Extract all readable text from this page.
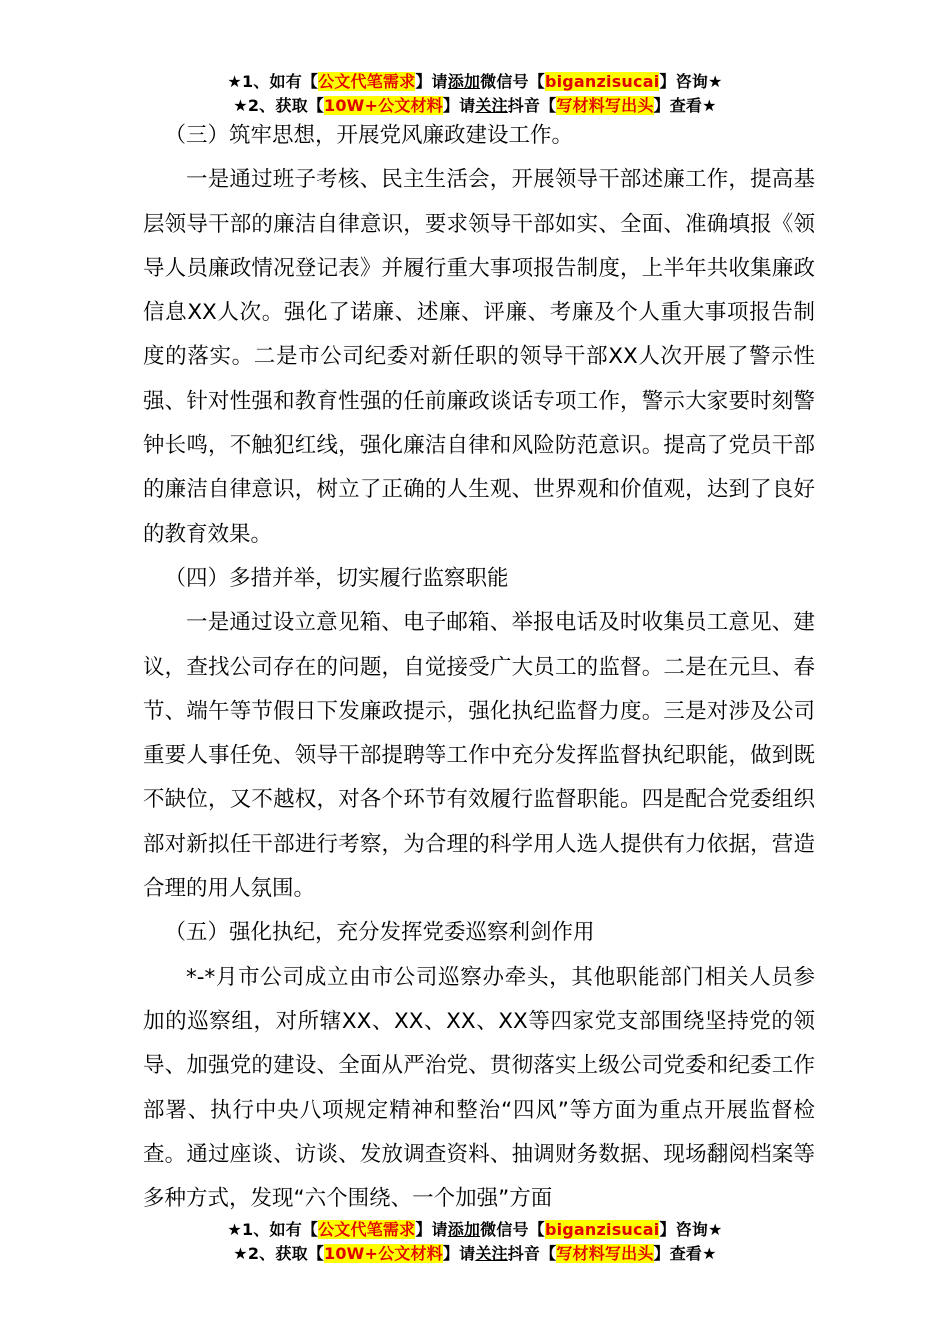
★1、如有【公文代笔需求】请添加微信号【biganzisucai】咨询★
★2、获取【10W+公文材料】请关注抖音【写材料写出头】查看★

（三）筑牢思想，开展党风廉政建设工作。

一是通过班子考核、民主生活会，开展领导干部述廉工作，提高基层领导干部的廉洁自律意识，要求领导干部如实、全面、准确填报《领导人员廉政情况登记表》并履行重大事项报告制度，上半年共收集廉政信息XX人次。强化了诺廉、述廉、评廉、考廉及个人重大事项报告制度的落实。二是市公司纪委对新任职的领导干部XX人次开展了警示性强、针对性强和教育性强的任前廉政谈话专项工作，警示大家要时刻警钟长鸣，不触犯红线，强化廉洁自律和风险防范意识。提高了党员干部的廉洁自律意识，树立了正确的人生观、世界观和价值观，达到了良好的教育效果。

（四）多措并举，切实履行监察职能

一是通过设立意见箱、电子邮箱、举报电话及时收集员工意见、建议，查找公司存在的问题，自觉接受广大员工的监督。二是在元旦、春节、端午等节假日下发廉政提示，强化执纪监督力度。三是对涉及公司重要人事任免、领导干部提聘等工作中充分发挥监督执纪职能，做到既不缺位，又不越权，对各个环节有效履行监督职能。四是配合党委组织部对新拟任干部进行考察，为合理的科学用人选人提供有力依据，营造合理的用人氛围。

（五）强化执纪，充分发挥党委巡察利剑作用

*-*月市公司成立由市公司巡察办牵头，其他职能部门相关人员参加的巡察组，对所辖XX、XX、XX、XX等四家党支部围绕坚持党的领导、加强党的建设、全面从严治党、贯彻落实上级公司党委和纪委工作部署、执行中央八项规定精神和整治“四风”等方面为重点开展监督检查。通过座谈、访谈、发放调查资料、抽调财务数据、现场翻阅档案等多种方式，发现“六个围绕、一个加强”方面

★1、如有【公文代笔需求】请添加微信号【biganzisucai】咨询★
★2、获取【10W+公文材料】请关注抖音【写材料写出头】查看★
